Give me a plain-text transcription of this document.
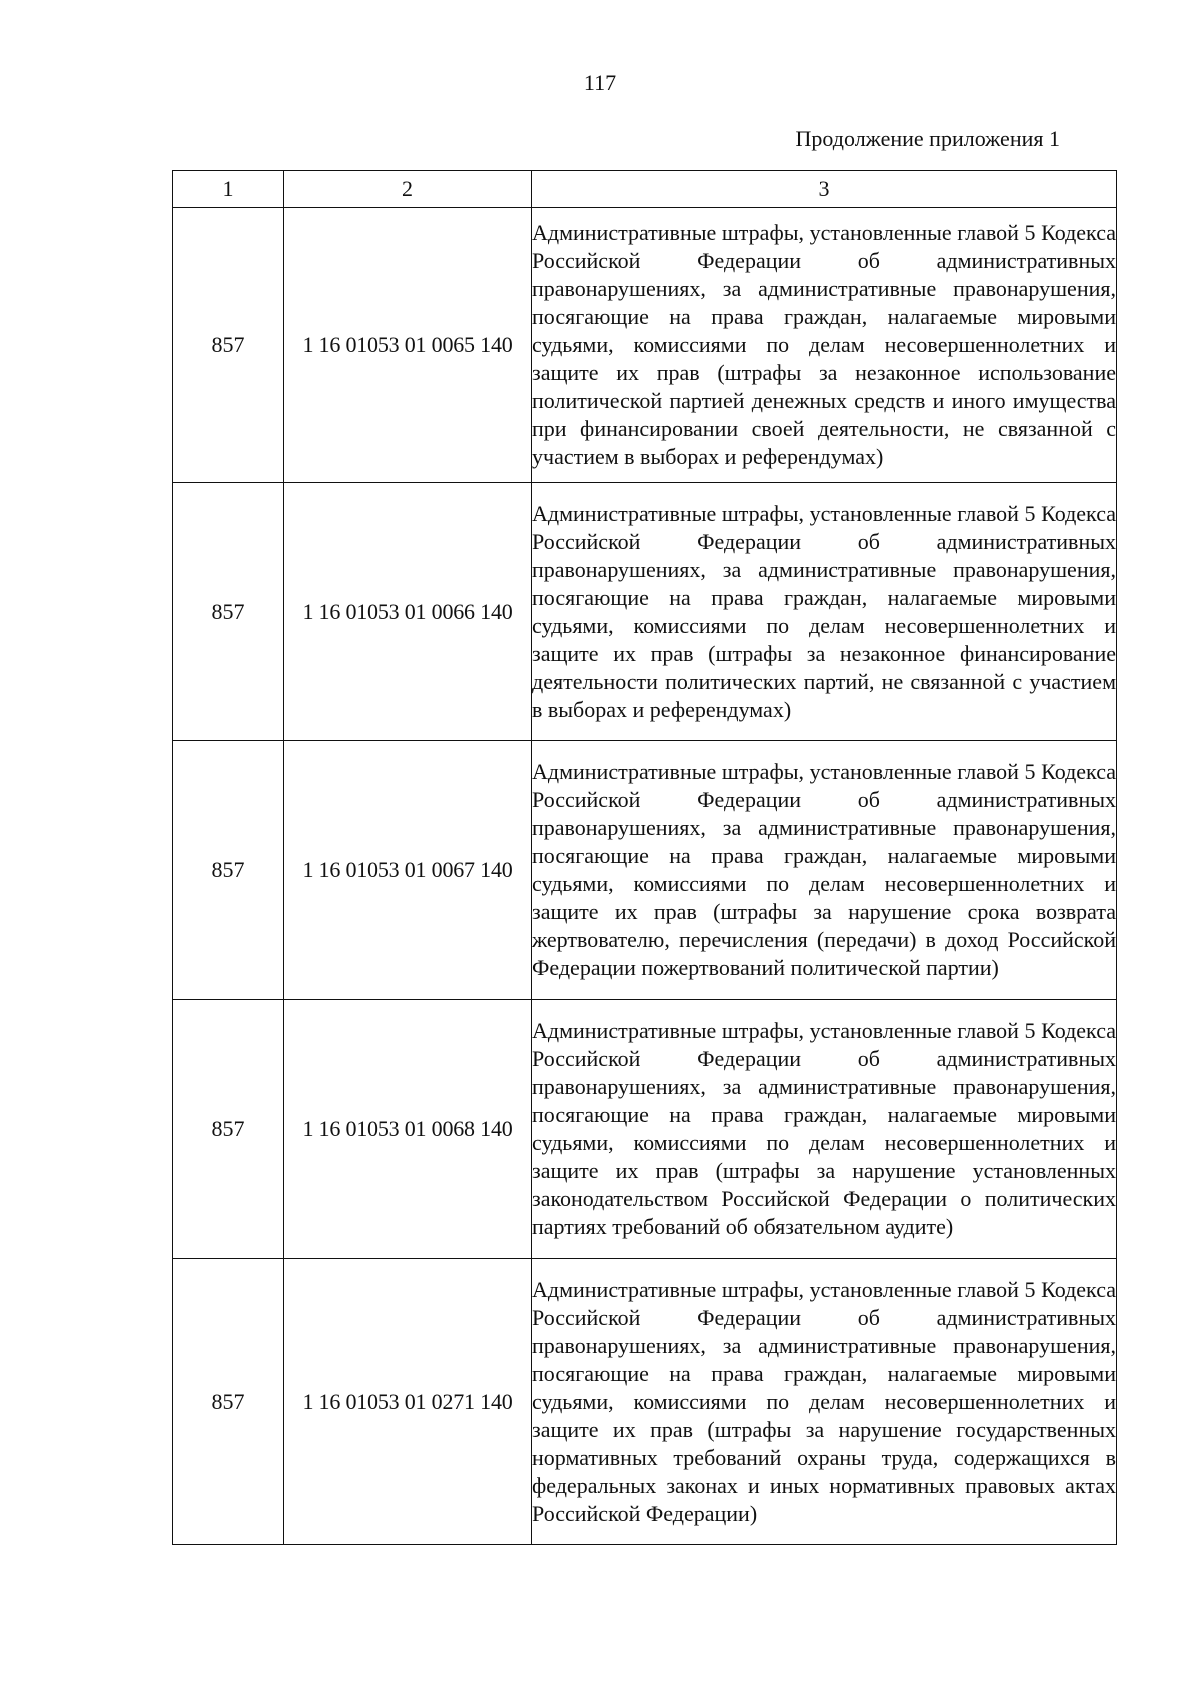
117
Продолжение приложения 1
1	2	3
857	1 16 01053 01 0065 140	Административные штрафы, установленные главой 5 Кодекса Российской Федерации об административных правонарушениях, за административные правонарушения, посягающие на права граждан, налагаемые мировыми судьями, комиссиями по делам несовершеннолетних и защите их прав (штрафы за незаконное использование политической партией денежных средств и иного имущества при финансировании своей деятельности, не связанной с участием в выборах и референдумах)
857	1 16 01053 01 0066 140	Административные штрафы, установленные главой 5 Кодекса Российской Федерации об административных правонарушениях, за административные правонарушения, посягающие на права граждан, налагаемые мировыми судьями, комиссиями по делам несовершеннолетних и защите их прав (штрафы за незаконное финансирование деятельности политических партий, не связанной с участием в выборах и референдумах)
857	1 16 01053 01 0067 140	Административные штрафы, установленные главой 5 Кодекса Российской Федерации об административных правонарушениях, за административные правонарушения, посягающие на права граждан, налагаемые мировыми судьями, комиссиями по делам несовершеннолетних и защите их прав (штрафы за нарушение срока возврата жертвователю, перечисления (передачи) в доход Российской Федерации пожертвований политической партии)
857	1 16 01053 01 0068 140	Административные штрафы, установленные главой 5 Кодекса Российской Федерации об административных правонарушениях, за административные правонарушения, посягающие на права граждан, налагаемые мировыми судьями, комиссиями по делам несовершеннолетних и защите их прав (штрафы за нарушение установленных законодательством Российской Федерации о политических партиях требований об обязательном аудите)
857	1 16 01053 01 0271 140	Административные штрафы, установленные главой 5 Кодекса Российской Федерации об административных правонарушениях, за административные правонарушения, посягающие на права граждан, налагаемые мировыми судьями, комиссиями по делам несовершеннолетних и защите их прав (штрафы за нарушение государственных нормативных требований охраны труда, содержащихся в федеральных законах и иных нормативных правовых актах Российской Федерации)
